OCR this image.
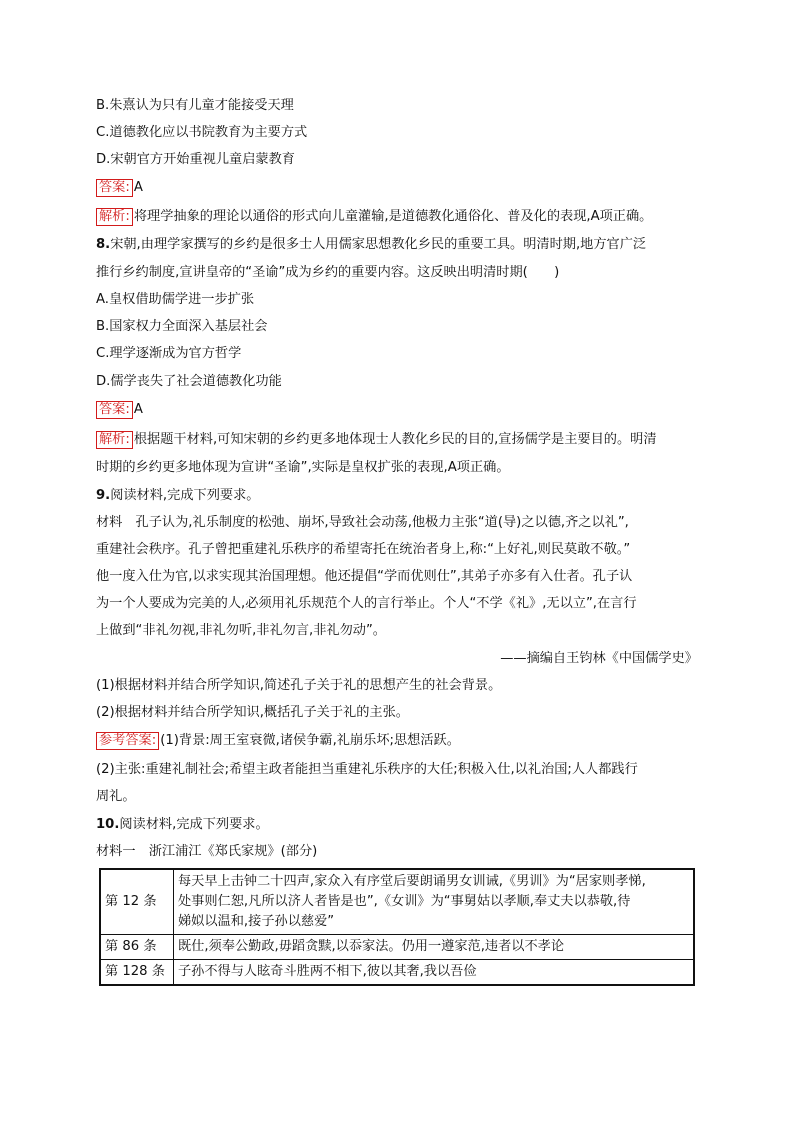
B.朱熹认为只有儿童才能接受天理
C.道德教化应以书院教育为主要方式
D.宋朝官方开始重视儿童启蒙教育
答案: A
解析: 将理学抽象的理论以通俗的形式向儿童灌输,是道德教化通俗化、普及化的表现,A项正确。
8.宋朝,由理学家撰写的乡约是很多士人用儒家思想教化乡民的重要工具。明清时期,地方官广泛
推行乡约制度,宣讲皇帝的“圣谕”成为乡约的重要内容。这反映出明清时期(　　)
A.皇权借助儒学进一步扩张
B.国家权力全面深入基层社会
C.理学逐渐成为官方哲学
D.儒学丧失了社会道德教化功能
答案: A
解析: 根据题干材料,可知宋朝的乡约更多地体现士人教化乡民的目的,宣扬儒学是主要目的。明清
时期的乡约更多地体现为宣讲“圣谕”,实际是皇权扩张的表现,A项正确。
9.阅读材料,完成下列要求。
材料　孔子认为,礼乐制度的松弛、崩坏,导致社会动荡,他极力主张“道(导)之以德,齐之以礼”,
重建社会秩序。孔子曾把重建礼乐秩序的希望寄托在统治者身上,称:“上好礼,则民莫敢不敬。”
他一度入仕为官,以求实现其治国理想。他还提倡“学而优则仕”,其弟子亦多有入仕者。孔子认
为一个人要成为完美的人,必须用礼乐规范个人的言行举止。个人“不学《礼》,无以立”,在言行
上做到“非礼勿视,非礼勿听,非礼勿言,非礼勿动”。
——摘编自王钧林《中国儒学史》
(1)根据材料并结合所学知识,简述孔子关于礼的思想产生的社会背景。
(2)根据材料并结合所学知识,概括孔子关于礼的主张。
参考答案: (1)背景:周王室衰微,诸侯争霸,礼崩乐坏;思想活跃。
(2)主张:重建礼制社会;希望主政者能担当重建礼乐秩序的大任;积极入仕,以礼治国;人人都践行
周礼。
10.阅读材料,完成下列要求。
材料一　浙江浦江《郑氏家规》(部分)
第 12 条	每天早上击钟二十四声,家众入有序堂后要朗诵男女训诫,《男训》为“居家则孝悌,
处事则仁恕,凡所以济人者皆是也”,《女训》为“事舅姑以孝顺,奉丈夫以恭敬,待
娣姒以温和,接子孙以慈爱”

第 86 条	既仕,须奉公勤政,毋蹈贪黩,以忝家法。仍用一遵家范,违者以不孝论
第 128 条	子孙不得与人眩奇斗胜两不相下,彼以其奢,我以吾俭
